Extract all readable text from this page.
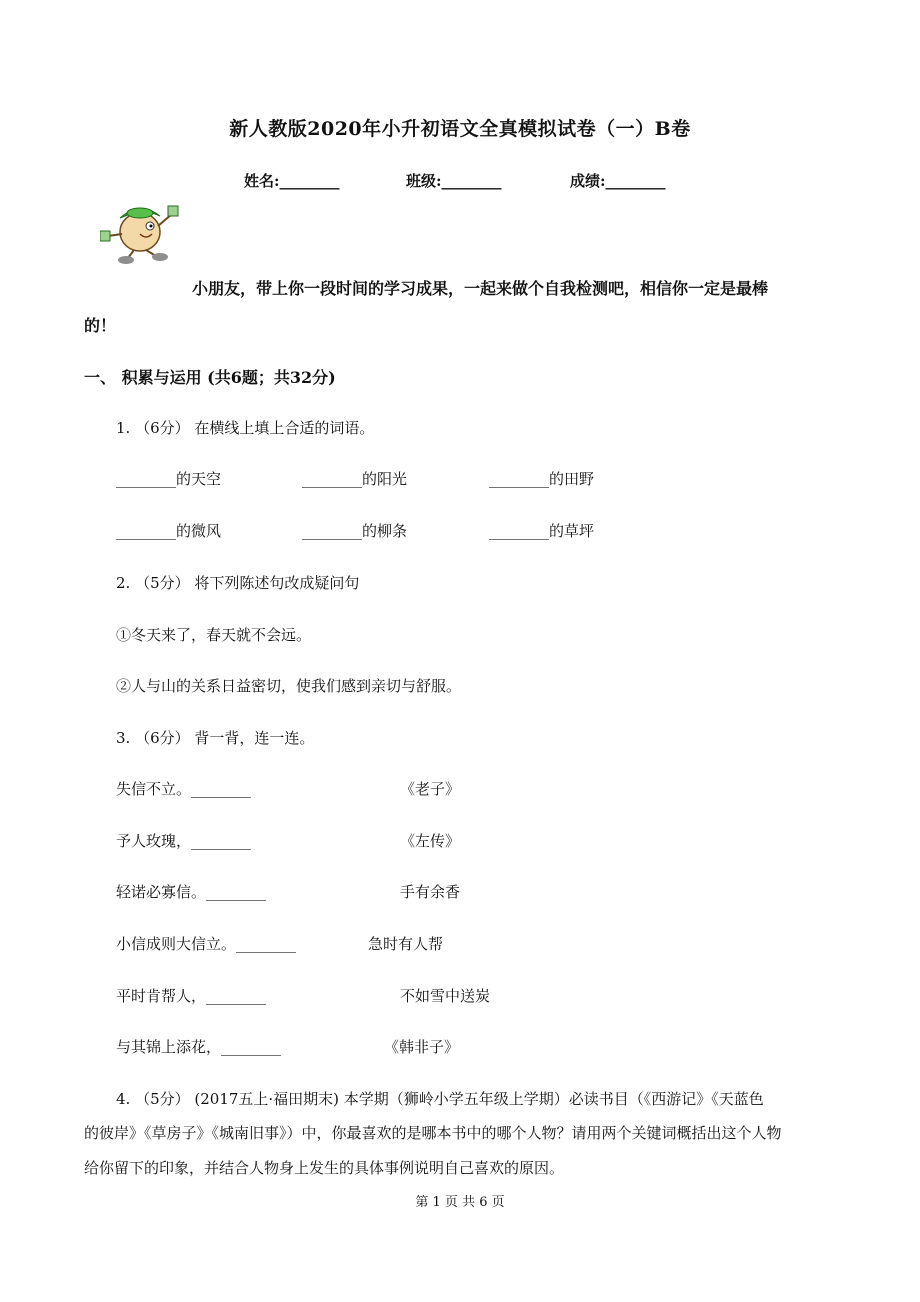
新人教版2020年小升初语文全真模拟试卷（一）B卷
姓名:________	班级:________	成绩:________
小朋友，带上你一段时间的学习成果，一起来做个自我检测吧，相信你一定是最棒
的！
一、 积累与运用 (共6题；共32分)
1. （6分） 在横线上填上合适的词语。
________的天空	________的阳光	________的田野
________的微风	________的柳条	________的草坪
2. （5分） 将下列陈述句改成疑问句
①冬天来了，春天就不会远。
②人与山的关系日益密切，使我们感到亲切与舒服。
3. （6分） 背一背，连一连。
失信不立。________	《老子》
予人玫瑰，________	《左传》
轻诺必寡信。________	手有余香
小信成则大信立。________	急时有人帮
平时肯帮人，________	不如雪中送炭
与其锦上添花，________	《韩非子》
4. （5分） (2017五上·福田期末) 本学期（狮岭小学五年级上学期）必读书目（《西游记》《天蓝色
的彼岸》《草房子》《城南旧事》）中，你最喜欢的是哪本书中的哪个人物？请用两个关键词概括出这个人物
给你留下的印象，并结合人物身上发生的具体事例说明自己喜欢的原因。
第 1 页 共 6 页
